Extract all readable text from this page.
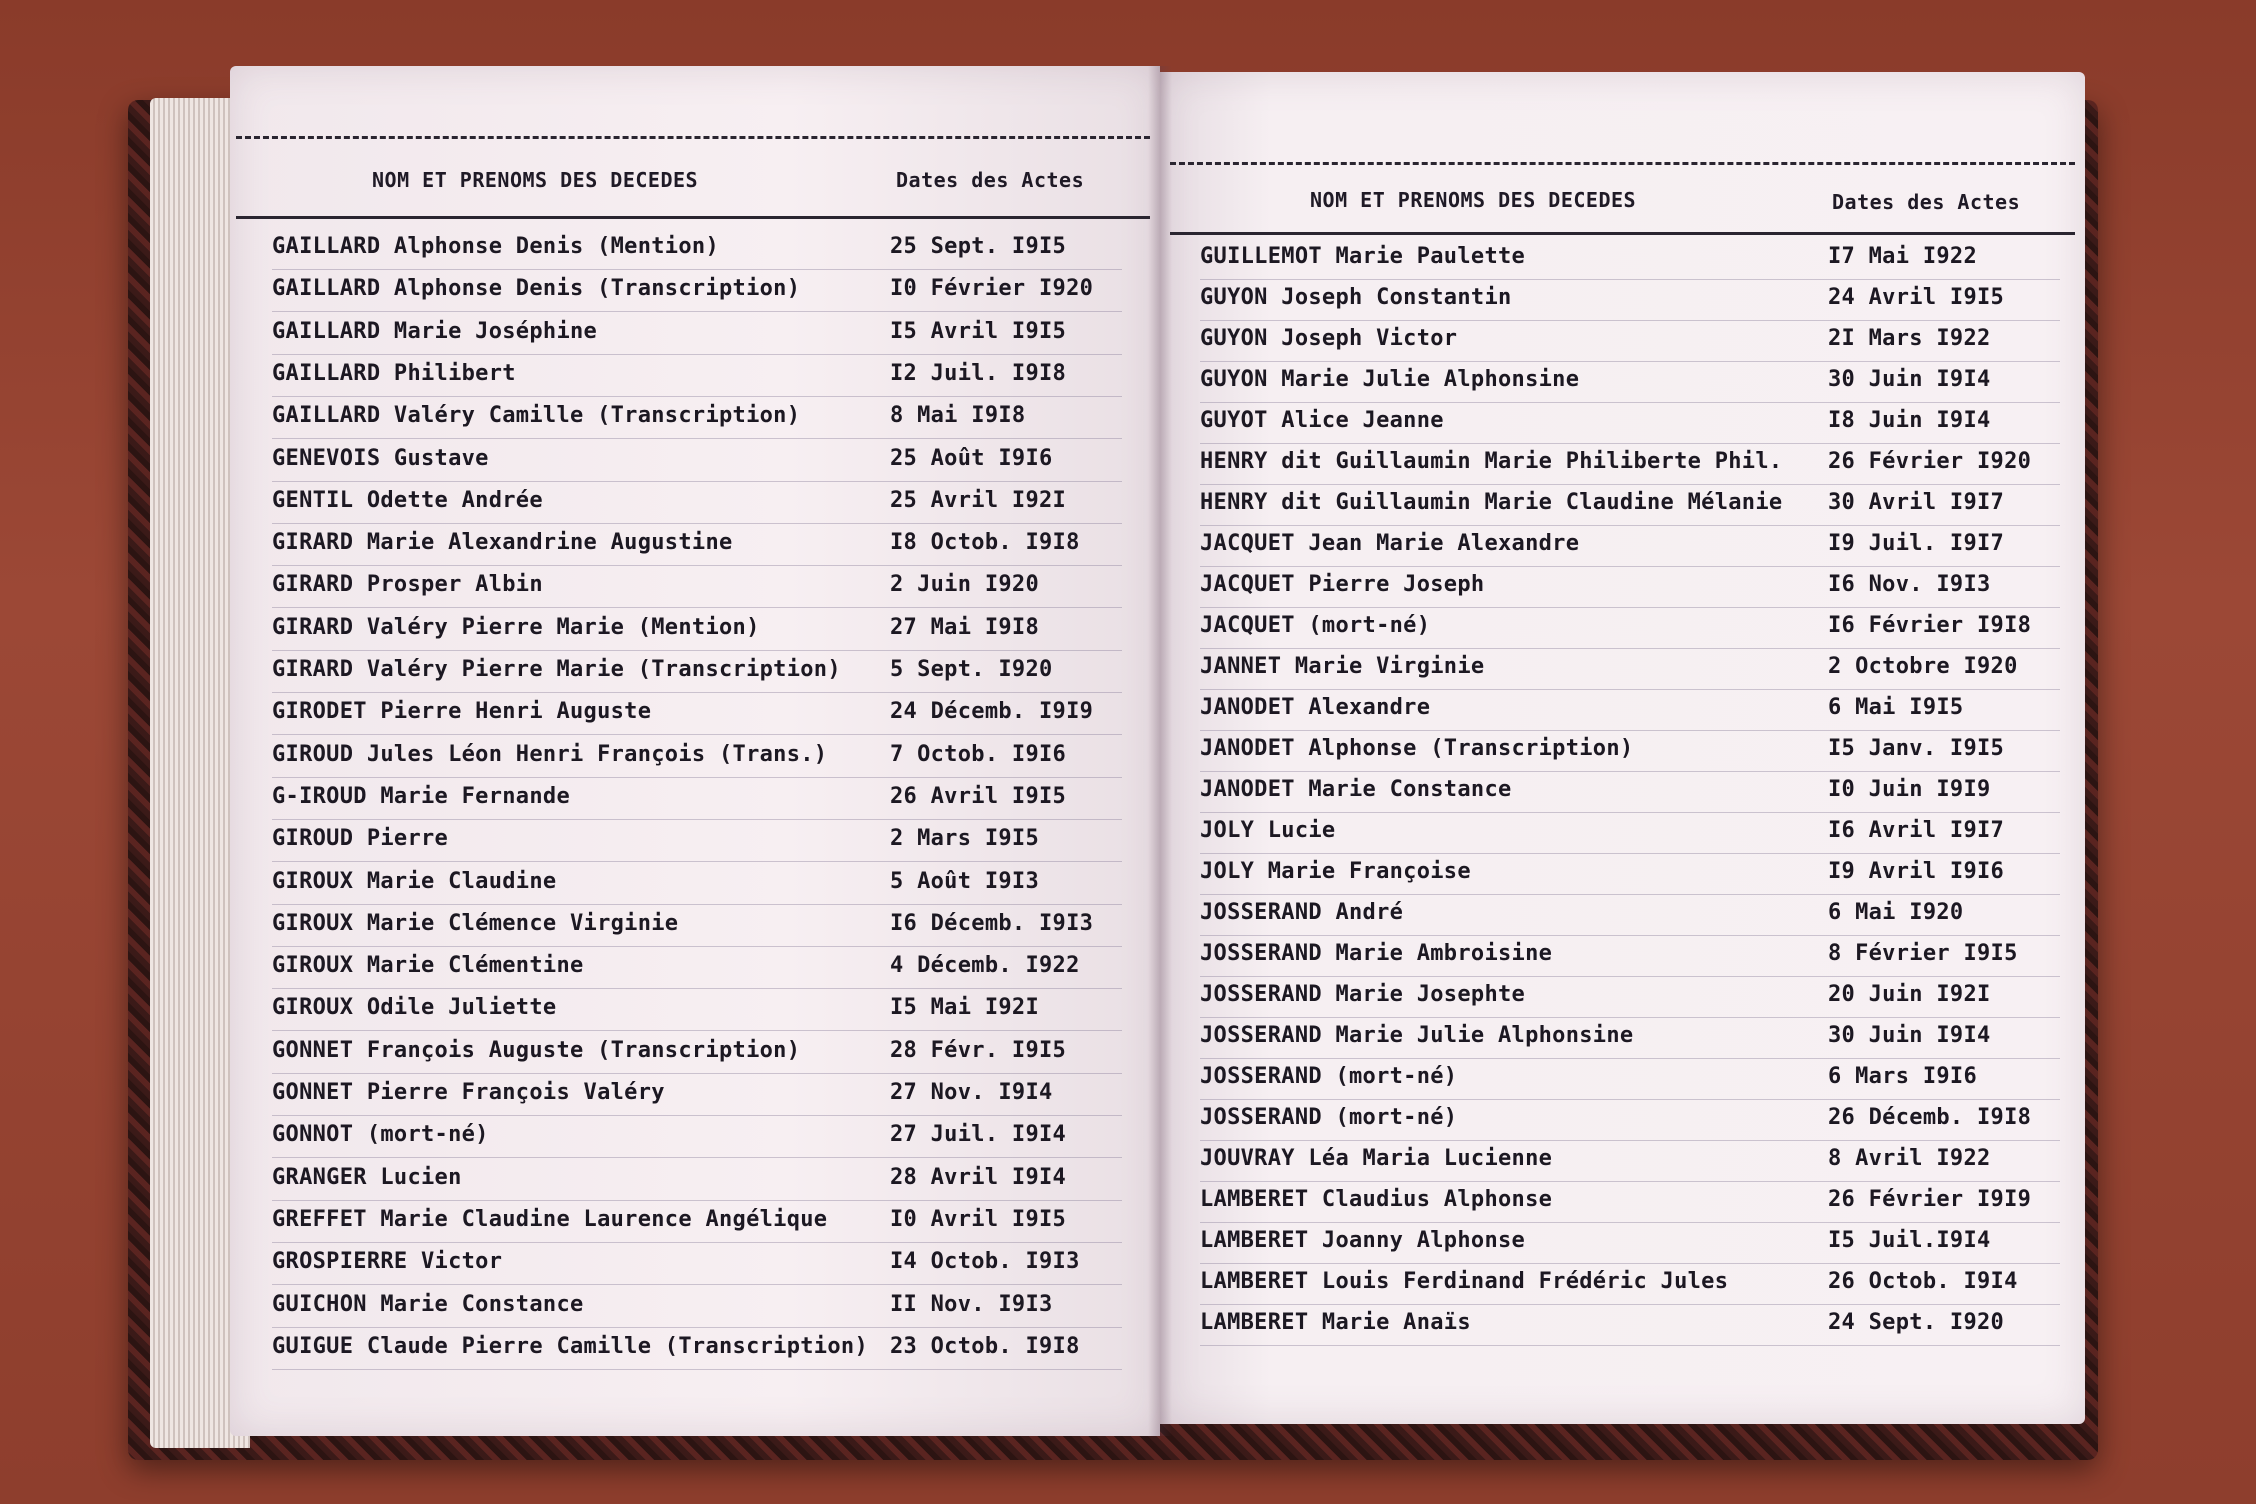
NOM ET PRENOMS DES DECEDES	Dates des Actes
GAILLARD Alphonse Denis (Mention)	25 Sept. I9I5
GAILLARD Alphonse Denis (Transcription)	I0 Février I920
GAILLARD Marie Joséphine	I5 Avril I9I5
GAILLARD Philibert	I2 Juil. I9I8
GAILLARD Valéry Camille (Transcription)	8 Mai I9I8
GENEVOIS Gustave	25 Août I9I6
GENTIL Odette Andrée	25 Avril I92I
GIRARD Marie Alexandrine Augustine	I8 Octob. I9I8
GIRARD Prosper Albin	2 Juin I920
GIRARD Valéry Pierre Marie (Mention)	27 Mai I9I8
GIRARD Valéry Pierre Marie (Transcription) 5 Sept. I920
GIRODET Pierre Henri Auguste	24 Décemb. I9I9
GIROUD Jules Léon Henri François (Trans.)	7 Octob. I9I6
G-IROUD Marie Fernande	26 Avril I9I5
GIROUD Pierre	2 Mars I9I5
GIROUX Marie Claudine	5 Août I9I3
GIROUX Marie Clémence Virginie	I6 Décemb. I9I3
GIROUX Marie Clémentine	4 Décemb. I922
GIROUX Odile Juliette	I5 Mai I92I
GONNET François Auguste (Transcription)	28 Févr. I9I5
GONNET Pierre François Valéry	27 Nov. I9I4
GONNOT (mort-né)	27 Juil. I9I4
GRANGER Lucien	28 Avril I9I4
GREFFET Marie Claudine Laurence Angélique	I0 Avril I9I5
GROSPIERRE Victor	I4 Octob. I9I3
GUICHON Marie Constance	II Nov. I9I3
GUIGUE Claude Pierre Camille (Transcription) 23 Octob. I9I8
NOM ET PRENOMS DES DECEDES	Dates des Actes
GUILLEMOT Marie Paulette	I7 Mai I922
GUYON Joseph Constantin	24 Avril I9I5
GUYON Joseph Victor	2I Mars I922
GUYON Marie Julie Alphonsine	30 Juin I9I4
GUYOT Alice Jeanne	I8 Juin I9I4
HENRY dit Guillaumin Marie Philiberte Phil. 26 Février I920
HENRY dit Guillaumin Marie Claudine Mélanie 30 Avril I9I7
JACQUET Jean Marie Alexandre	I9 Juil. I9I7
JACQUET Pierre Joseph	I6 Nov. I9I3
JACQUET (mort-né)	I6 Février I9I8
JANNET Marie Virginie	2 Octobre I920
JANODET Alexandre	6 Mai I9I5
JANODET Alphonse (Transcription)	I5 Janv. I9I5
JANODET Marie Constance	I0 Juin I9I9
JOLY Lucie	I6 Avril I9I7
JOLY Marie Françoise	I9 Avril I9I6
JOSSERAND André	6 Mai I920
JOSSERAND Marie Ambroisine	8 Février I9I5
JOSSERAND Marie Josephte	20 Juin I92I
JOSSERAND Marie Julie Alphonsine	30 Juin I9I4
JOSSERAND (mort-né)	6 Mars I9I6
JOSSERAND (mort-né)	26 Décemb. I9I8
JOUVRAY Léa Maria Lucienne	8 Avril I922
LAMBERET Claudius Alphonse	26 Février I9I9
LAMBERET Joanny Alphonse	I5 Juil.I9I4
LAMBERET Louis Ferdinand Frédéric Jules	26 Octob. I9I4
LAMBERET Marie Anaïs	24 Sept. I920
